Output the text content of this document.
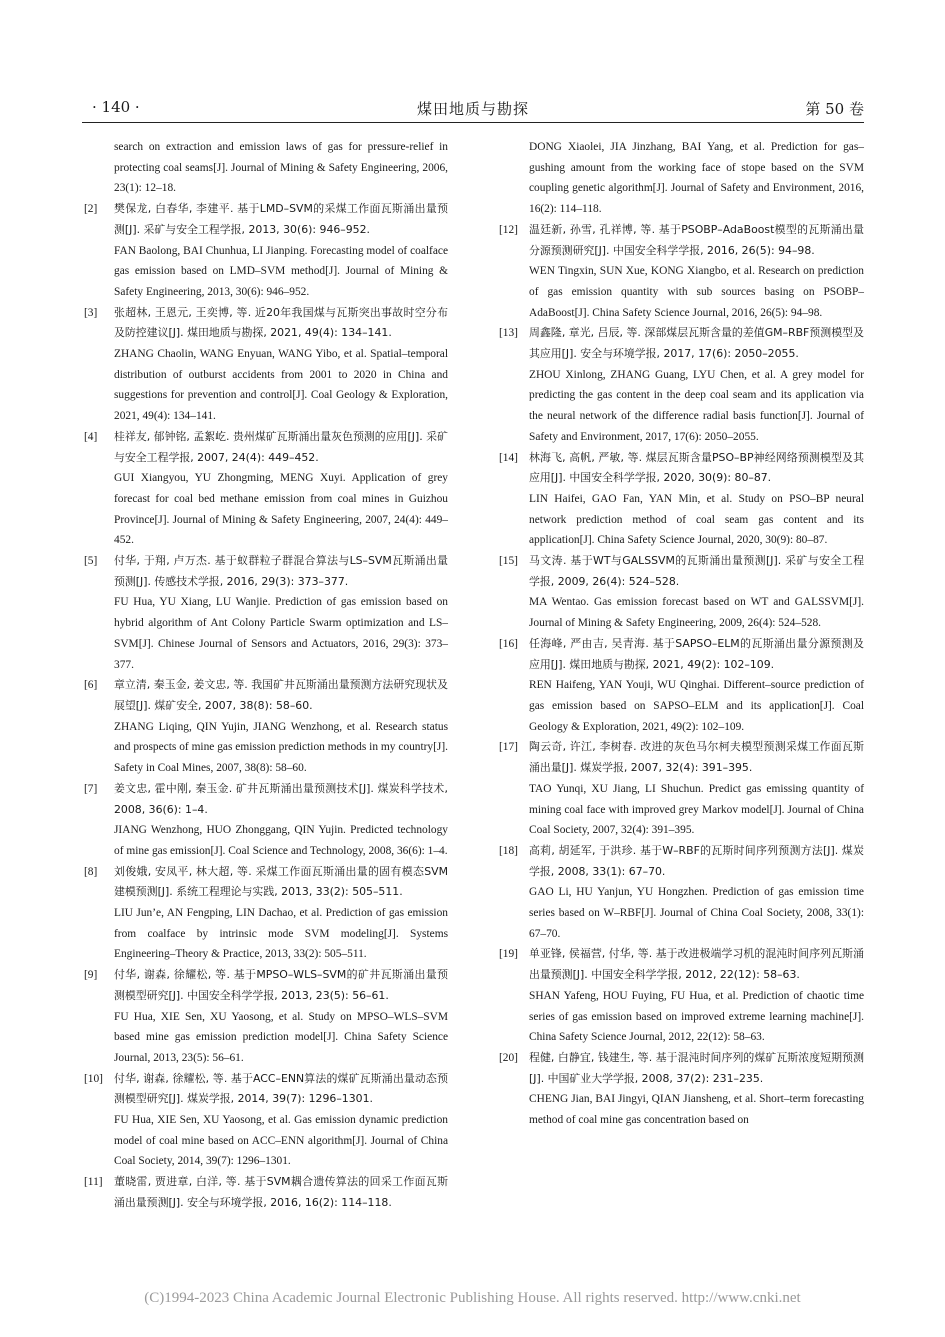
· 140 ·	煤田地质与勘探	第 50 卷
search on extraction and emission laws of gas for pressure-relief in protecting coal seams[J]. Journal of Mining & Safety Engineering, 2006, 23(1): 12–18.
[2] 樊保龙, 白春华, 李建平. 基于LMD–SVM的采煤工作面瓦斯涌出量预测[J]. 采矿与安全工程学报, 2013, 30(6): 946–952.
FAN Baolong, BAI Chunhua, LI Jianping. Forecasting model of coalface gas emission based on LMD–SVM method[J]. Journal of Mining & Safety Engineering, 2013, 30(6): 946–952.
[3] 张超林, 王恩元, 王奕博, 等. 近20年我国煤与瓦斯突出事故时空分布及防控建议[J]. 煤田地质与勘探, 2021, 49(4): 134–141.
ZHANG Chaolin, WANG Enyuan, WANG Yibo, et al. Spatial–temporal distribution of outburst accidents from 2001 to 2020 in China and suggestions for prevention and control[J]. Coal Geology & Exploration, 2021, 49(4): 134–141.
[4] 桂祥友, 郁钟铭, 孟絮屹. 贵州煤矿瓦斯涌出量灰色预测的应用[J]. 采矿与安全工程学报, 2007, 24(4): 449–452.
GUI Xiangyou, YU Zhongming, MENG Xuyi. Application of grey forecast for coal bed methane emission from coal mines in Guizhou Province[J]. Journal of Mining & Safety Engineering, 2007, 24(4): 449–452.
[5] 付华, 于翔, 卢万杰. 基于蚁群粒子群混合算法与LS–SVM瓦斯涌出量预测[J]. 传感技术学报, 2016, 29(3): 373–377.
FU Hua, YU Xiang, LU Wanjie. Prediction of gas emission based on hybrid algorithm of Ant Colony Particle Swarm optimization and LS–SVM[J]. Chinese Journal of Sensors and Actuators, 2016, 29(3): 373–377.
[6] 章立清, 秦玉金, 姜文忠, 等. 我国矿井瓦斯涌出量预测方法研究现状及展望[J]. 煤矿安全, 2007, 38(8): 58–60.
ZHANG Liqing, QIN Yujin, JIANG Wenzhong, et al. Research status and prospects of mine gas emission prediction methods in my country[J]. Safety in Coal Mines, 2007, 38(8): 58–60.
[7] 姜文忠, 霍中刚, 秦玉金. 矿井瓦斯涌出量预测技术[J]. 煤炭科学技术, 2008, 36(6): 1–4.
JIANG Wenzhong, HUO Zhonggang, QIN Yujin. Predicted technology of mine gas emission[J]. Coal Science and Technology, 2008, 36(6): 1–4.
[8] 刘俊娥, 安凤平, 林大超, 等. 采煤工作面瓦斯涌出量的固有模态SVM建模预测[J]. 系统工程理论与实践, 2013, 33(2): 505–511.
LIU Jun’e, AN Fengping, LIN Dachao, et al. Prediction of gas emission from coalface by intrinsic mode SVM modeling[J]. Systems Engineering–Theory & Practice, 2013, 33(2): 505–511.
[9] 付华, 谢森, 徐耀松, 等. 基于MPSO–WLS–SVM的矿井瓦斯涌出量预测模型研究[J]. 中国安全科学学报, 2013, 23(5): 56–61.
FU Hua, XIE Sen, XU Yaosong, et al. Study on MPSO–WLS–SVM based mine gas emission prediction model[J]. China Safety Science Journal, 2013, 23(5): 56–61.
[10] 付华, 谢森, 徐耀松, 等. 基于ACC–ENN算法的煤矿瓦斯涌出量动态预测模型研究[J]. 煤炭学报, 2014, 39(7): 1296–1301.
FU Hua, XIE Sen, XU Yaosong, et al. Gas emission dynamic prediction model of coal mine based on ACC–ENN algorithm[J]. Journal of China Coal Society, 2014, 39(7): 1296–1301.
[11] 董晓雷, 贾进章, 白洋, 等. 基于SVM耦合遗传算法的回采工作面瓦斯涌出量预测[J]. 安全与环境学报, 2016, 16(2): 114–118.
DONG Xiaolei, JIA Jinzhang, BAI Yang, et al. Prediction for gas–gushing amount from the working face of stope based on the SVM coupling genetic algorithm[J]. Journal of Safety and Environment, 2016, 16(2): 114–118.
[12] 温廷新, 孙雪, 孔祥博, 等. 基于PSOBP–AdaBoost模型的瓦斯涌出量分源预测研究[J]. 中国安全科学学报, 2016, 26(5): 94–98.
WEN Tingxin, SUN Xue, KONG Xiangbo, et al. Research on prediction of gas emission quantity with sub sources basing on PSOBP–AdaBoost[J]. China Safety Science Journal, 2016, 26(5): 94–98.
[13] 周鑫隆, 章光, 吕辰, 等. 深部煤层瓦斯含量的差值GM–RBF预测模型及其应用[J]. 安全与环境学报, 2017, 17(6): 2050–2055.
ZHOU Xinlong, ZHANG Guang, LYU Chen, et al. A grey model for predicting the gas content in the deep coal seam and its application via the neural network of the difference radial basis function[J]. Journal of Safety and Environment, 2017, 17(6): 2050–2055.
[14] 林海飞, 高帆, 严敏, 等. 煤层瓦斯含量PSO–BP神经网络预测模型及其应用[J]. 中国安全科学学报, 2020, 30(9): 80–87.
LIN Haifei, GAO Fan, YAN Min, et al. Study on PSO–BP neural network prediction method of coal seam gas content and its application[J]. China Safety Science Journal, 2020, 30(9): 80–87.
[15] 马文涛. 基于WT与GALSSVM的瓦斯涌出量预测[J]. 采矿与安全工程学报, 2009, 26(4): 524–528.
MA Wentao. Gas emission forecast based on WT and GALSSVM[J]. Journal of Mining & Safety Engineering, 2009, 26(4): 524–528.
[16] 任海峰, 严由吉, 吴青海. 基于SAPSO–ELM的瓦斯涌出量分源预测及应用[J]. 煤田地质与勘探, 2021, 49(2): 102–109.
REN Haifeng, YAN Youji, WU Qinghai. Different–source prediction of gas emission based on SAPSO–ELM and its application[J]. Coal Geology & Exploration, 2021, 49(2): 102–109.
[17] 陶云奇, 许江, 李树春. 改进的灰色马尔柯夫模型预测采煤工作面瓦斯涌出量[J]. 煤炭学报, 2007, 32(4): 391–395.
TAO Yunqi, XU Jiang, LI Shuchun. Predict gas emissing quantity of mining coal face with improved grey Markov model[J]. Journal of China Coal Society, 2007, 32(4): 391–395.
[18] 高莉, 胡延军, 于洪珍. 基于W–RBF的瓦斯时间序列预测方法[J]. 煤炭学报, 2008, 33(1): 67–70.
GAO Li, HU Yanjun, YU Hongzhen. Prediction of gas emission time series based on W–RBF[J]. Journal of China Coal Society, 2008, 33(1): 67–70.
[19] 单亚锋, 侯福营, 付华, 等. 基于改进极端学习机的混沌时间序列瓦斯涌出量预测[J]. 中国安全科学学报, 2012, 22(12): 58–63.
SHAN Yafeng, HOU Fuying, FU Hua, et al. Prediction of chaotic time series of gas emission based on improved extreme learning machine[J]. China Safety Science Journal, 2012, 22(12): 58–63.
[20] 程健, 白静宜, 钱建生, 等. 基于混沌时间序列的煤矿瓦斯浓度短期预测[J]. 中国矿业大学学报, 2008, 37(2): 231–235.
CHENG Jian, BAI Jingyi, QIAN Jiansheng, et al. Short–term forecasting method of coal mine gas concentration based on
(C)1994-2023 China Academic Journal Electronic Publishing House. All rights reserved. http://www.cnki.net
